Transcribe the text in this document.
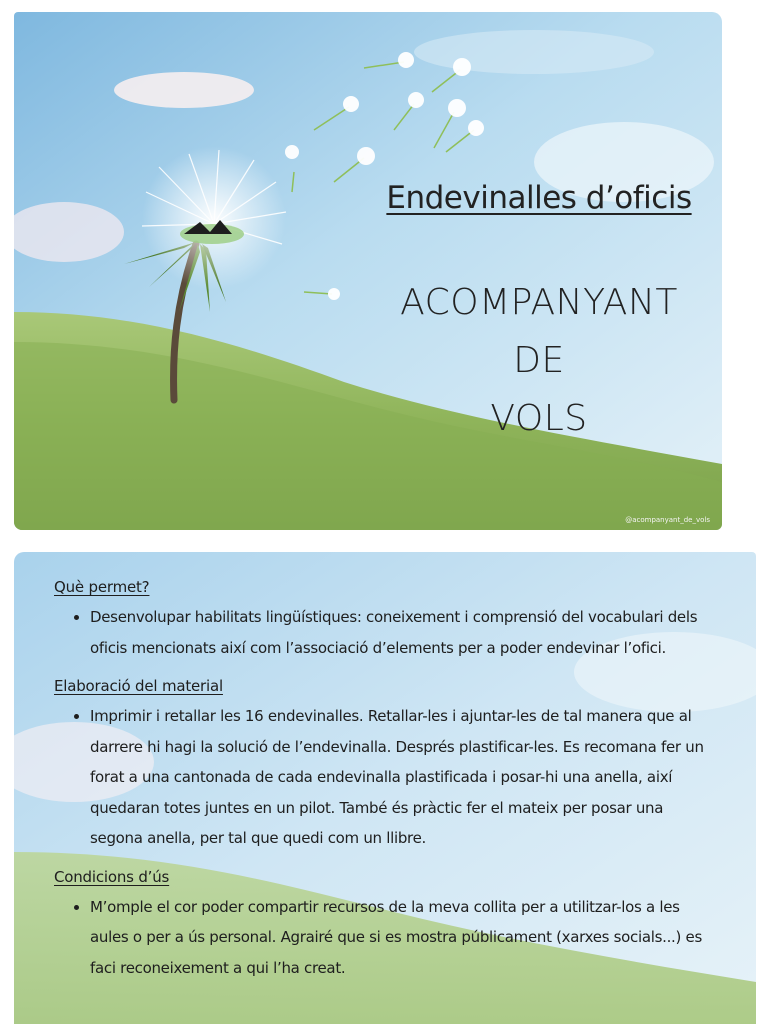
Endevinalles d’oficis
ACOMPANYANT DE
VOLS
@acompanyant_de_vols
Què permet?
• Desenvolupar habilitats lingüístiques: coneixement i comprensió del vocabulari dels oficis mencionats així com l’associació d’elements per a poder endevinar l’ofici.
Elaboració del material
• Imprimir i retallar les 16 endevinalles. Retallar-les i ajuntar-les de tal manera que al darrere hi hagi la solució de l’endevinalla. Després plastificar-les. Es recomana fer un forat a una cantonada de cada endevinalla plastificada i posar-hi una anella, així quedaran totes juntes en un pilot. També és pràctic fer el mateix per posar una segona anella, per tal que quedi com un llibre.
Condicions d’ús
• M’omple el cor poder compartir recursos de la meva collita per a utilitzar-los a les aules o per a ús personal. Agrairé que si es mostra públicament (xarxes socials...) es faci reconeixement a qui l’ha creat.
